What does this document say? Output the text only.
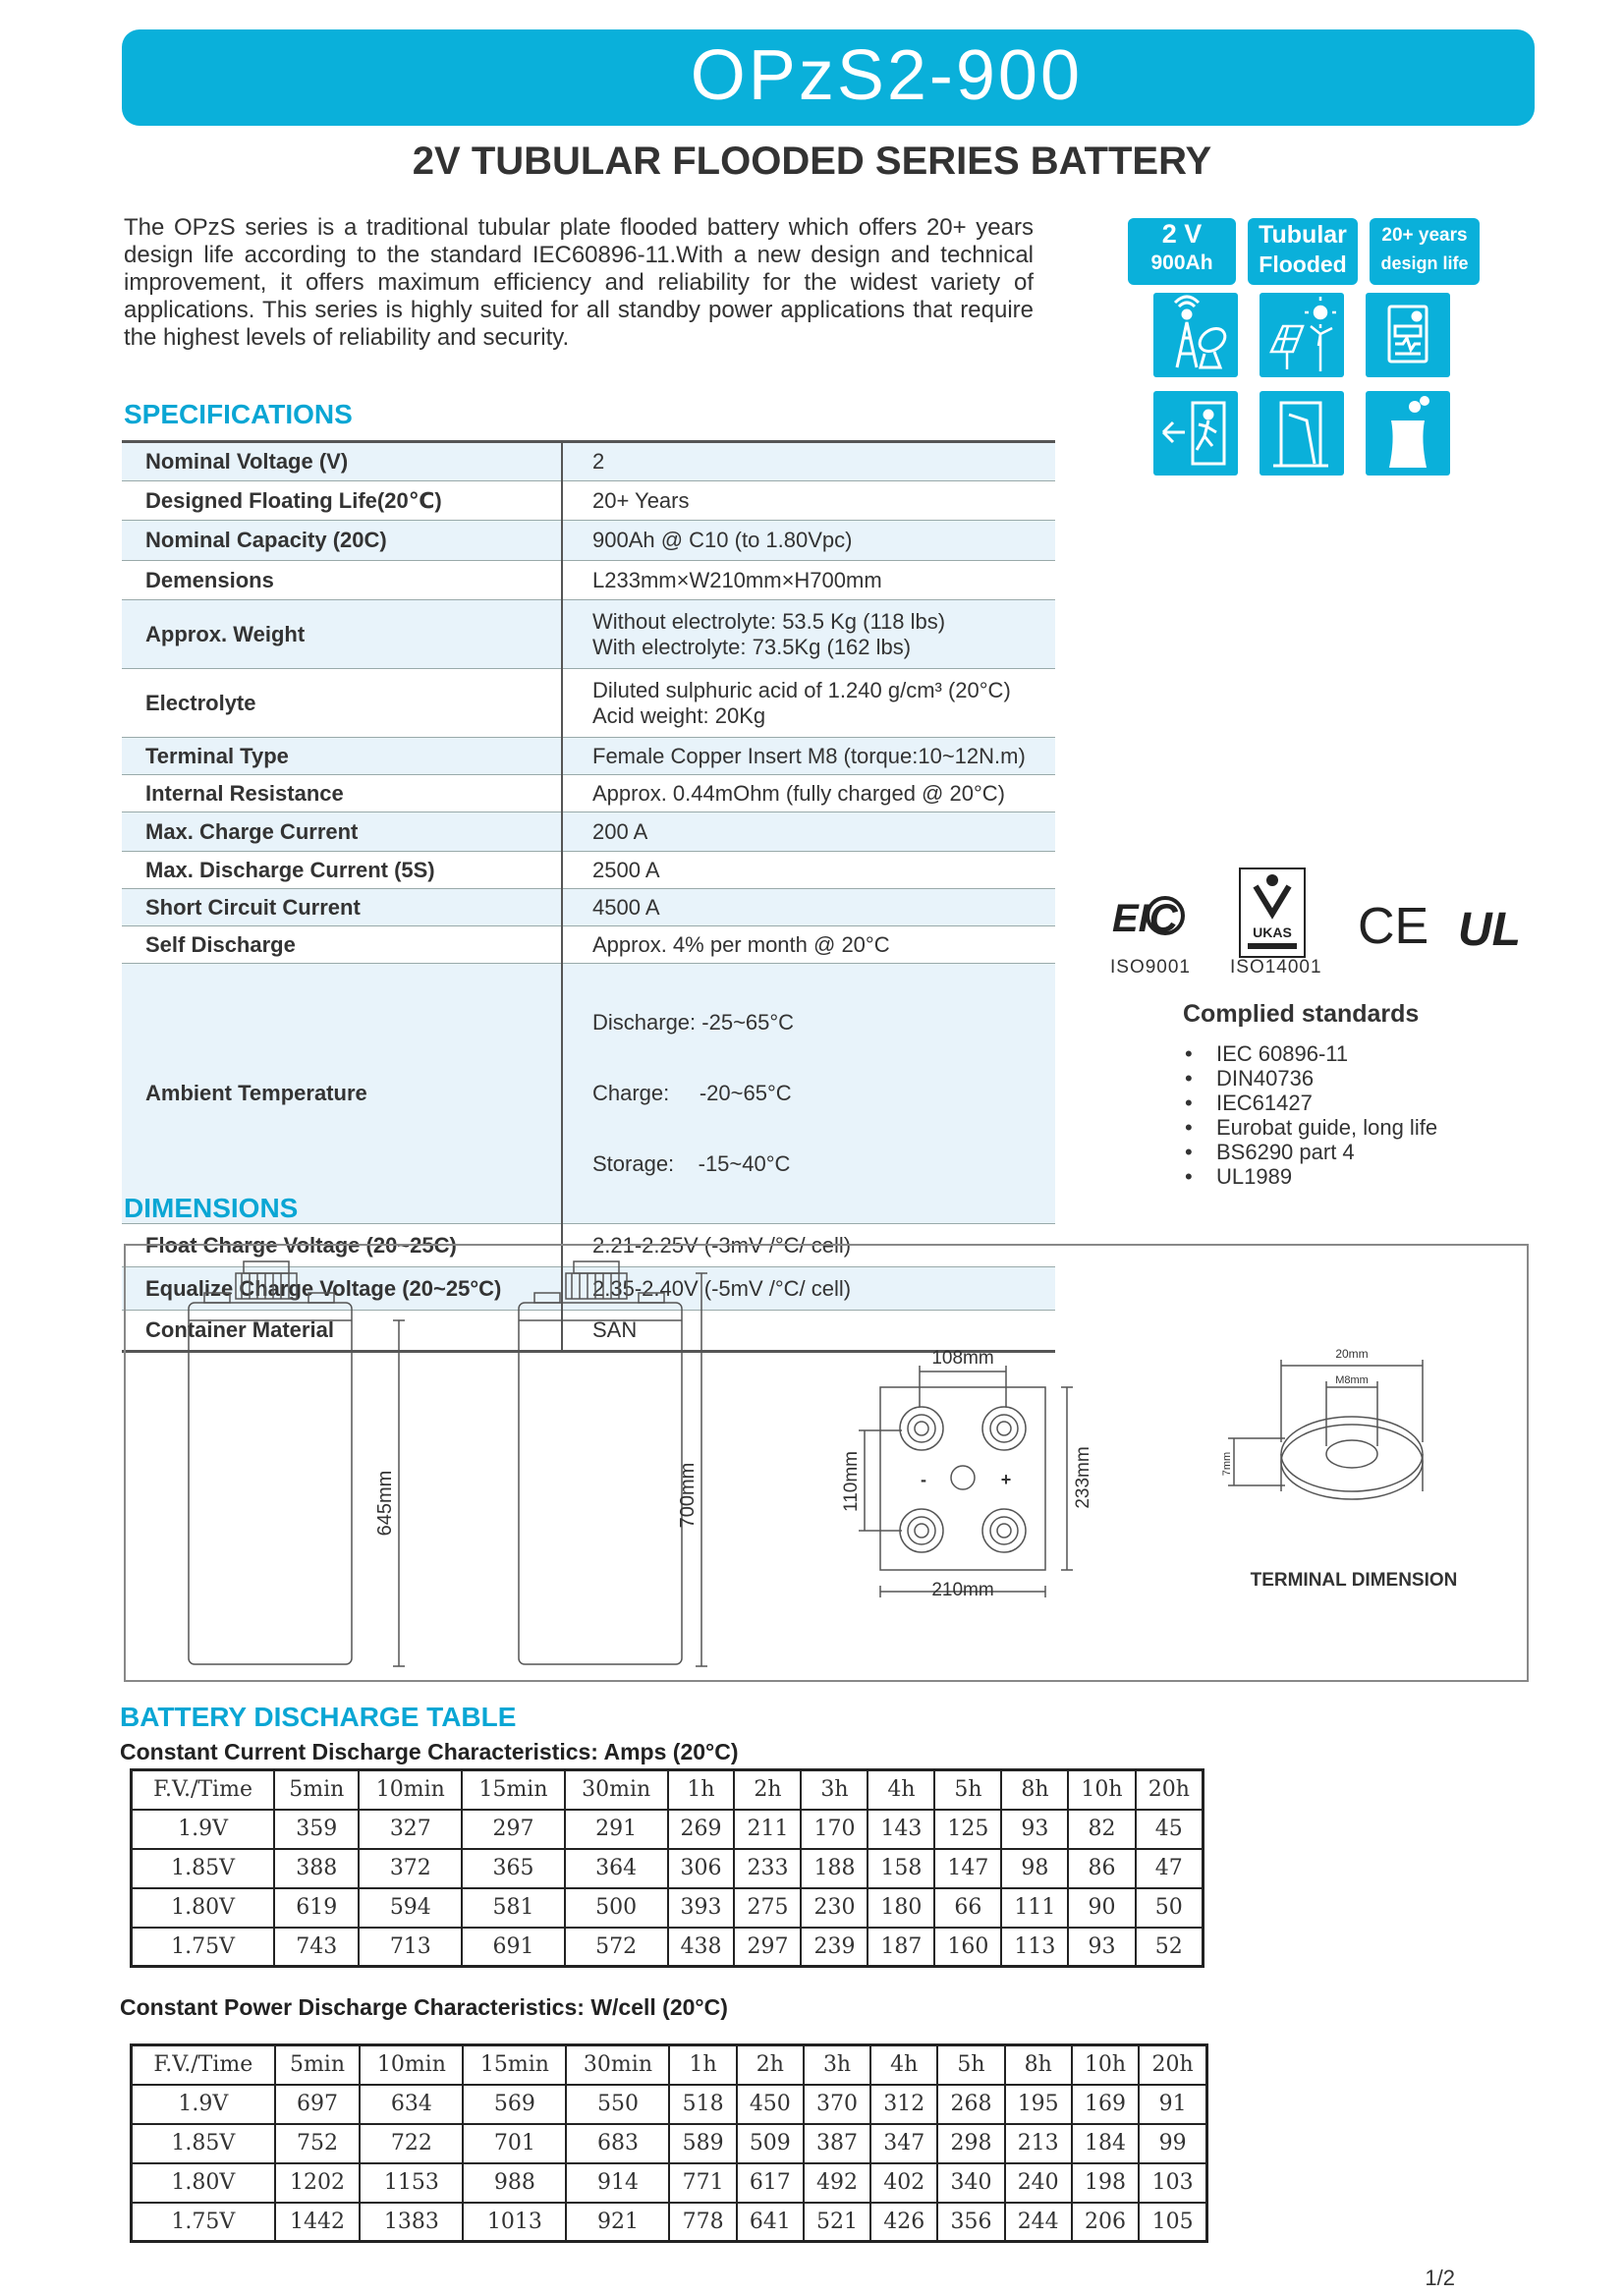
OPzS2-900
2V TUBULAR FLOODED SERIES BATTERY
The OPzS series is a traditional tubular plate flooded battery which offers 20+ years design life according to the standard IEC60896-11.With a new design and technical improvement, it offers maximum efficiency and reliability for the widest variety of applications. This series is highly suited for all standby power applications that require the highest levels of reliability and security.
2 V
900Ah
Tubular
Flooded
20+ years
design life
SPECIFICATIONS
Nominal Voltage (V)	2
Designed Floating Life(20℃)	20+ Years
Nominal Capacity (20C)	900Ah @ C10 (to 1.80Vpc)
Demensions	L233mm×W210mm×H700mm
Approx. Weight	Without electrolyte: 53.5 Kg (118 lbs)
With electrolyte: 73.5Kg (162 lbs)

Electrolyte	Diluted sulphuric acid of 1.240 g/cm³ (20°C)
Acid weight: 20Kg

Terminal Type	Female Copper Insert M8 (torque:10~12N.m)
Internal Resistance	Approx. 0.44mOhm (fully charged @ 20°C)
Max. Charge Current	200 A
Max. Discharge Current (5S)	2500 A
Short Circuit Current	4500 A
Self Discharge	Approx. 4% per month @ 20°C
Ambient Temperature	Discharge: -25~65°C

Charge:     -20~65°C

Storage:    -15~40°C

Float Charge Voltage (20~25C)	2.21-2.25V (-3mV /°C/ cell)
Equalize Charge Voltage (20~25°C)	2.35-2.40V (-5mV /°C/ cell)
Container Material	SAN
EIC	UKAS CE UL
ISO9001 ISO14001
Complied standards
• IEC 60896-11
• DIN40736
• IEC61427
• Eurobat guide, long life
• BS6290 part 4
• UL1989
DIMENSIONS
645mm	700mm
108mm
110mm	233mm
210mm
-	+
20mm
M8mm
7mm
TERMINAL DIMENSION
BATTERY DISCHARGE TABLE
Constant Current Discharge Characteristics: Amps (20°C)
F.V./Time	5min	10min	15min	30min	1h	2h	3h	4h	5h	8h	10h	20h
1.9V	359	327	297	291	269	211	170	143	125	93	82	45
1.85V	388	372	365	364	306	233	188	158	147	98	86	47
1.80V	619	594	581	500	393	275	230	180	66	111	90	50
1.75V	743	713	691	572	438	297	239	187	160	113	93	52
Constant Power Discharge Characteristics: W/cell (20°C)
F.V./Time	5min	10min	15min	30min	1h	2h	3h	4h	5h	8h	10h	20h
1.9V	697	634	569	550	518	450	370	312	268	195	169	91
1.85V	752	722	701	683	589	509	387	347	298	213	184	99
1.80V	1202	1153	988	914	771	617	492	402	340	240	198	103
1.75V	1442	1383	1013	921	778	641	521	426	356	244	206	105
1/2
